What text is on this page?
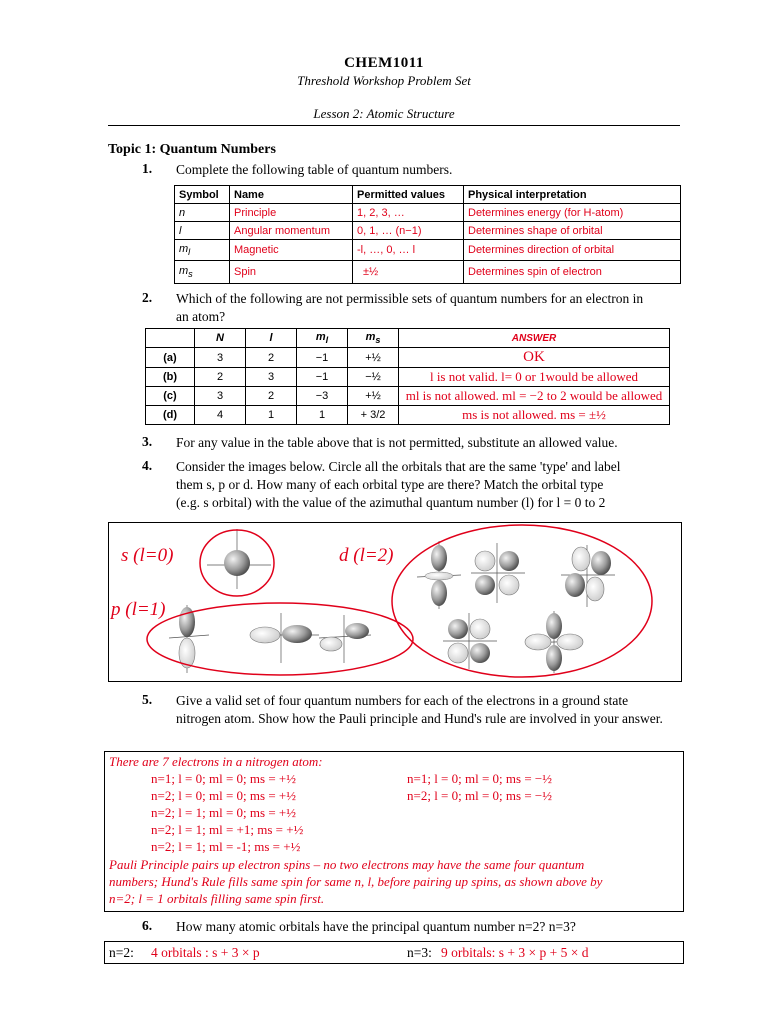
CHEM1011
Threshold Workshop Problem Set
Lesson 2: Atomic Structure
Topic 1: Quantum Numbers
1. Complete the following table of quantum numbers.
Symbol	Name	Permitted values	Physical interpretation
n	Principle	1, 2, 3, …	Determines energy (for H-atom)
l	Angular momentum	0, 1, … (n−1)	Determines shape of orbital
$m_l$	Magnetic	-l, …, 0, … l	Determines direction of orbital
$m_s$	Spin	±½	Determines spin of electron
2. Which of the following are not permissible sets of quantum numbers for an electron in an atom?
	N	l	$m_l$	$m_s$	ANSWER
(a)	3	2	−1	+½	OK
(b)	2	3	−1	−½	l is not valid. l= 0 or 1would be allowed
(c)	3	2	−3	+½	ml is not allowed. ml = −2 to 2 would be allowed
(d)	4	1	1	+ 3/2	ms is not allowed. ms = ±½
3. For any value in the table above that is not permitted, substitute an allowed value.
4. Consider the images below. Circle all the orbitals that are the same 'type' and label
them s, p or d. How many of each orbital type are there? Match the orbital type
(e.g. s orbital) with the value of the azimuthal quantum number (l) for l = 0 to 2
s (l=0)
p (l=1)
d (l=2)
5. Give a valid set of four quantum numbers for each of the electrons in a ground state nitrogen atom. Show how the Pauli principle and Hund's rule are involved in your answer.
There are 7 electrons in a nitrogen atom:
n=1; l = 0; ml = 0; ms = +½
n=2; l = 0; ml = 0; ms = +½
n=2; l = 1; ml = 0; ms = +½
n=2; l = 1; ml = +1; ms = +½
n=2; l = 1; ml = -1; ms = +½
n=1; l = 0; ml = 0; ms = −½
n=2; l = 0; ml = 0; ms = −½
Pauli Principle pairs up electron spins – no two electrons may have the same four quantum
numbers; Hund's Rule fills same spin for same n, l, before pairing up spins, as shown above by
n=2; l = 1 orbitals filling same spin first.
6. How many atomic orbitals have the principal quantum number n=2? n=3?
n=2: 4 orbitals : s + 3 × p	n=3: 9 orbitals: s + 3 × p + 5 × d
